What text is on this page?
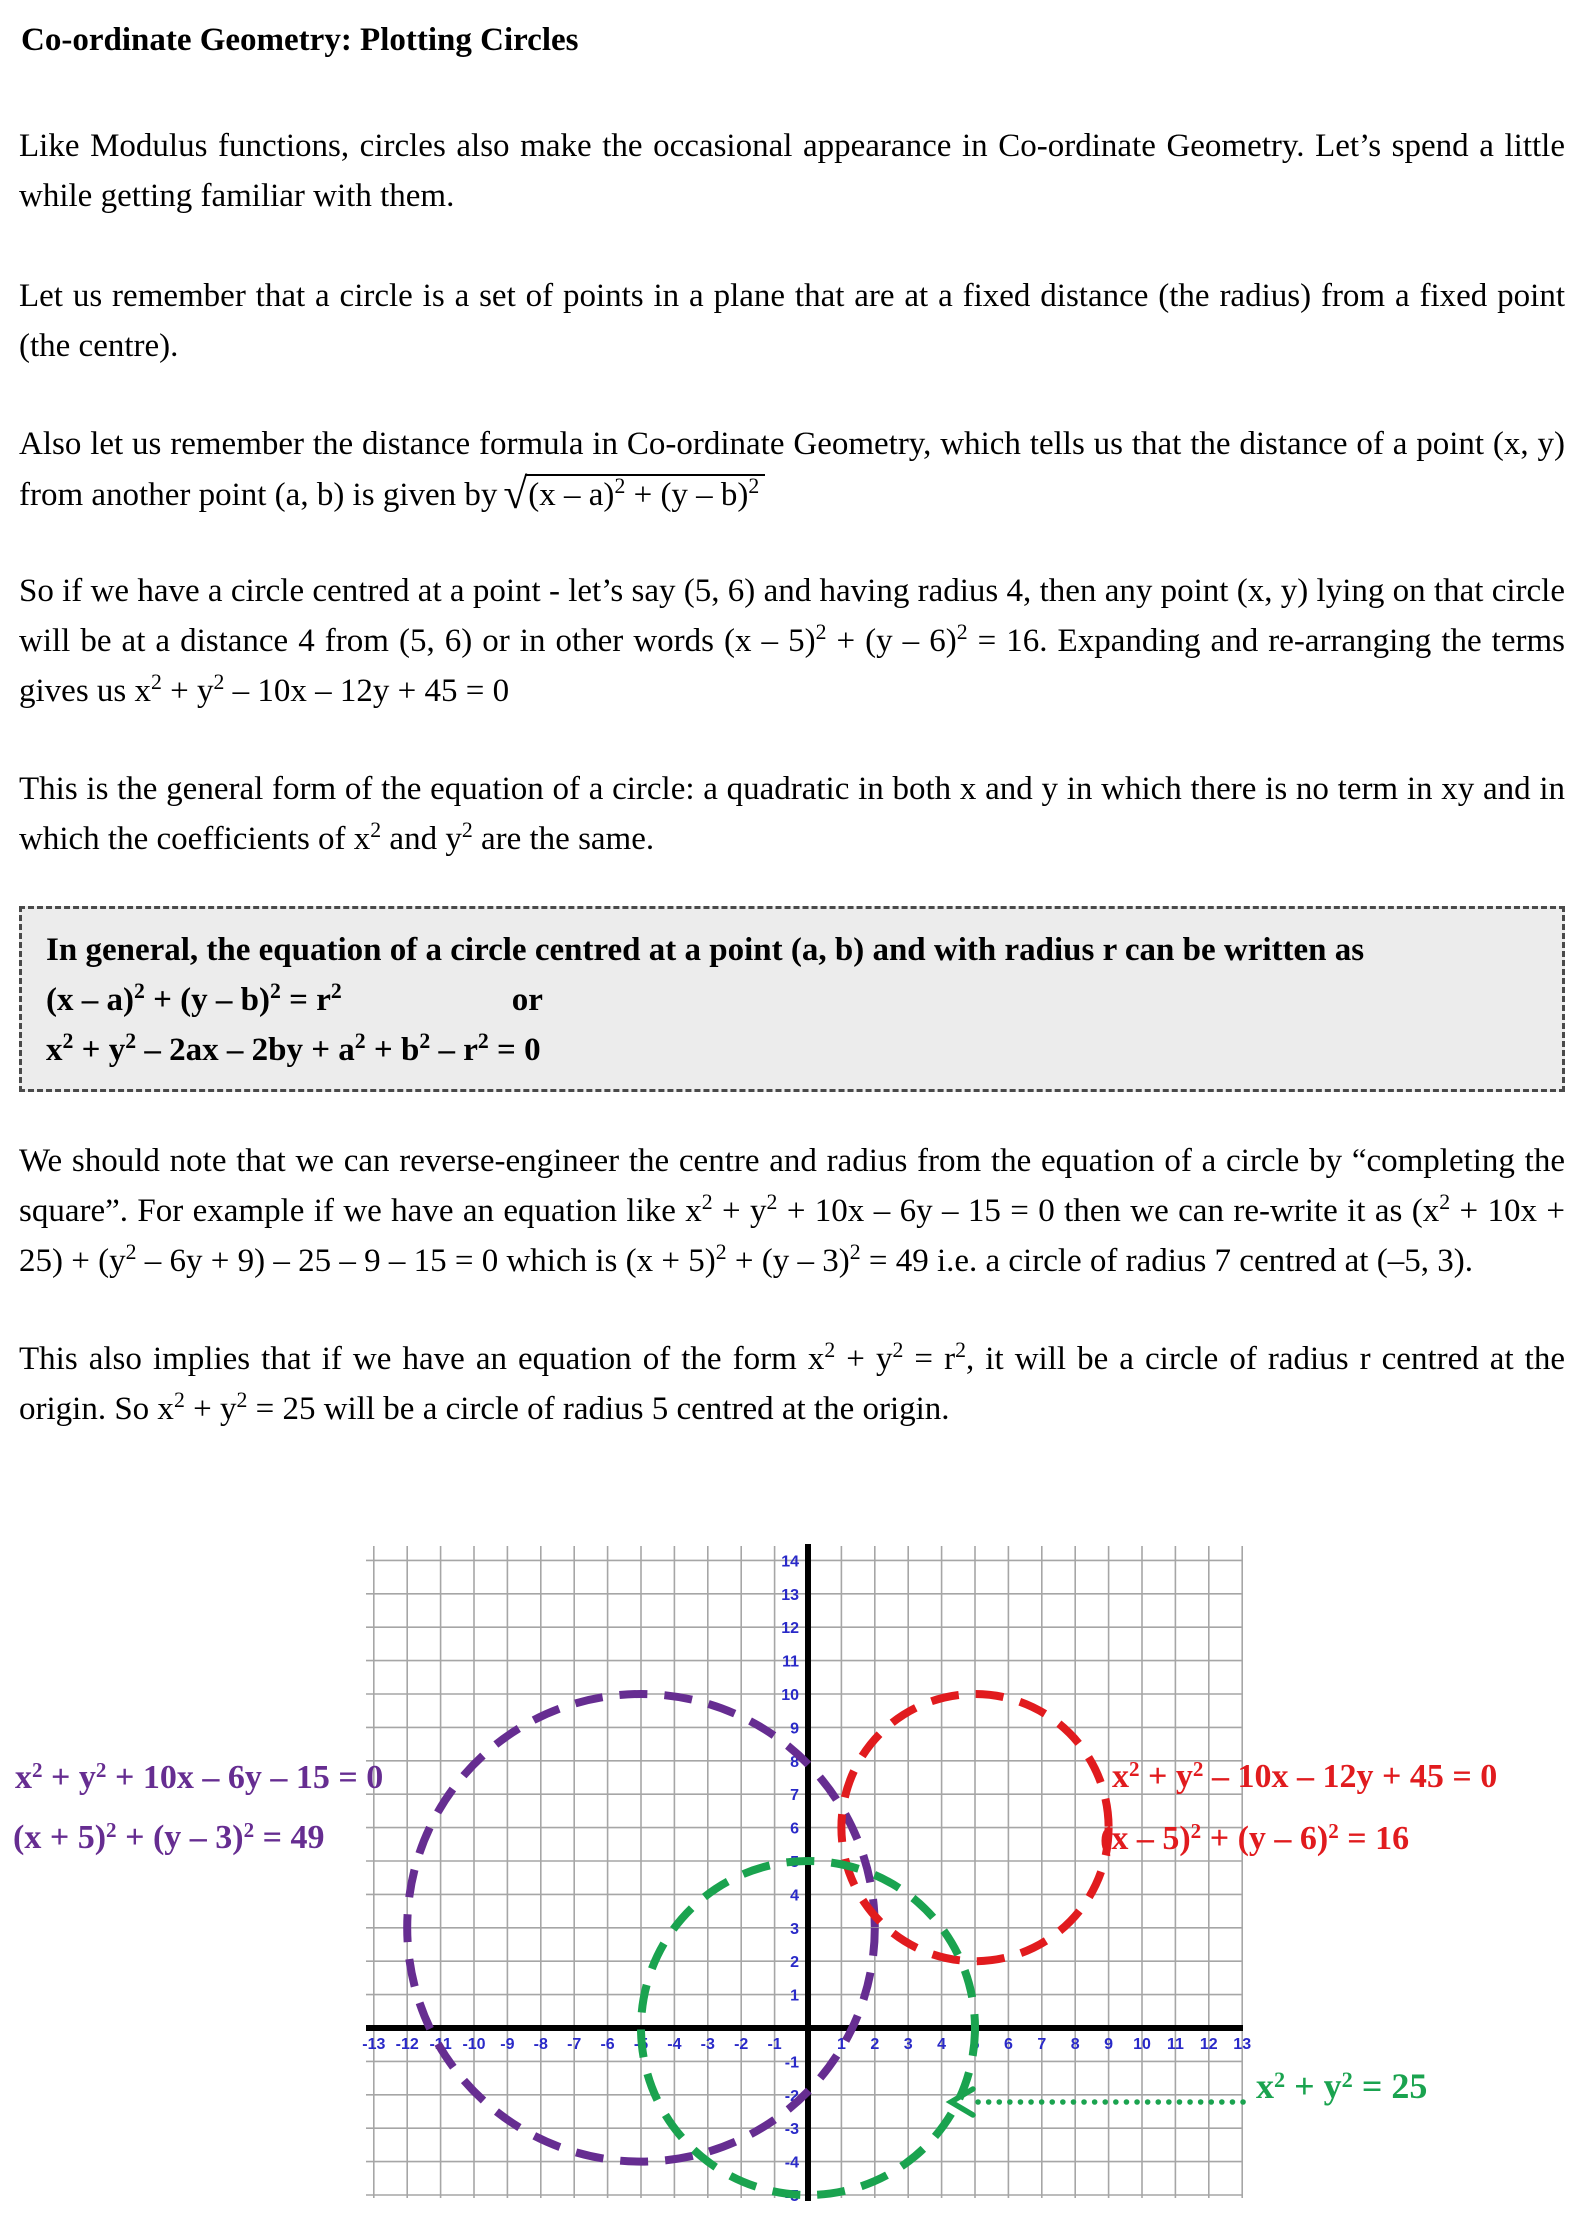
Co-ordinate Geometry: Plotting Circles

Like Modulus functions, circles also make the occasional appearance in Co-ordinate Geometry. Let’s spend a little while getting familiar with them.

Let us remember that a circle is a set of points in a plane that are at a fixed distance (the radius) from a fixed point (the centre).

Also let us remember the distance formula in Co-ordinate Geometry, which tells us that the distance of a point (x, y) from another point (a, b) is given by √(x – a)$^2$ + (y – b)$^2$

So if we have a circle centred at a point - let’s say (5, 6) and having radius 4, then any point (x, y) lying on that circle will be at a distance 4 from (5, 6) or in other words (x – 5)$^2$ + (y – 6)$^2$ = 16. Expanding and re-arranging the terms gives us $x^2 + y^2 - 10x - 12y + 45 = 0$

This is the general form of the equation of a circle: a quadratic in both x and y in which there is no term in xy and in which the coefficients of $x^2$ and $y^2$ are the same.

In general, the equation of a circle centred at a point (a, b) and with radius r can be written as

$(x - a)^2 + (y - b)^2 = r^2$	or

$x^2 + y^2 - 2ax - 2by + a^2 + b^2 - r^2 = 0$

We should note that we can reverse-engineer the centre and radius from the equation of a circle by “completing the square”. For example if we have an equation like $x^2 + y^2 + 10x - 6y - 15 = 0$ then we can re-write it as $(x^2 + 10x + 25) + (y^2 - 6y + 9) - 25 - 9 - 15 = 0$ which is $(x + 5)^2 + (y - 3)^2 = 49$ i.e. a circle of radius 7 centred at (–5, 3).

This also implies that if we have an equation of the form $x^2 + y^2 = r^2$, it will be a circle of radius r centred at the origin. So $x^2 + y^2 = 25$ will be a circle of radius 5 centred at the origin.

-13 -12 -11 -10 -9 -8 -7 -6 -5 -4 -3 -2 -1	1 2 3 4 5 6 7 8 9 10 11 12 13
14
13
12
11
10
9
8
7
6
5
4
3
2
1
-1
-2
-3
-4
-5
$x^2 + y^2 + 10x - 6y - 15 = 0$
$(x + 5)^2 + (y - 3)^2 = 49$
$x^2 + y^2 - 10x - 12y + 45 = 0$
(x – 5)$^2$ + (y – 6)$^2$ = 16
$x^2 + y^2 = 25$
